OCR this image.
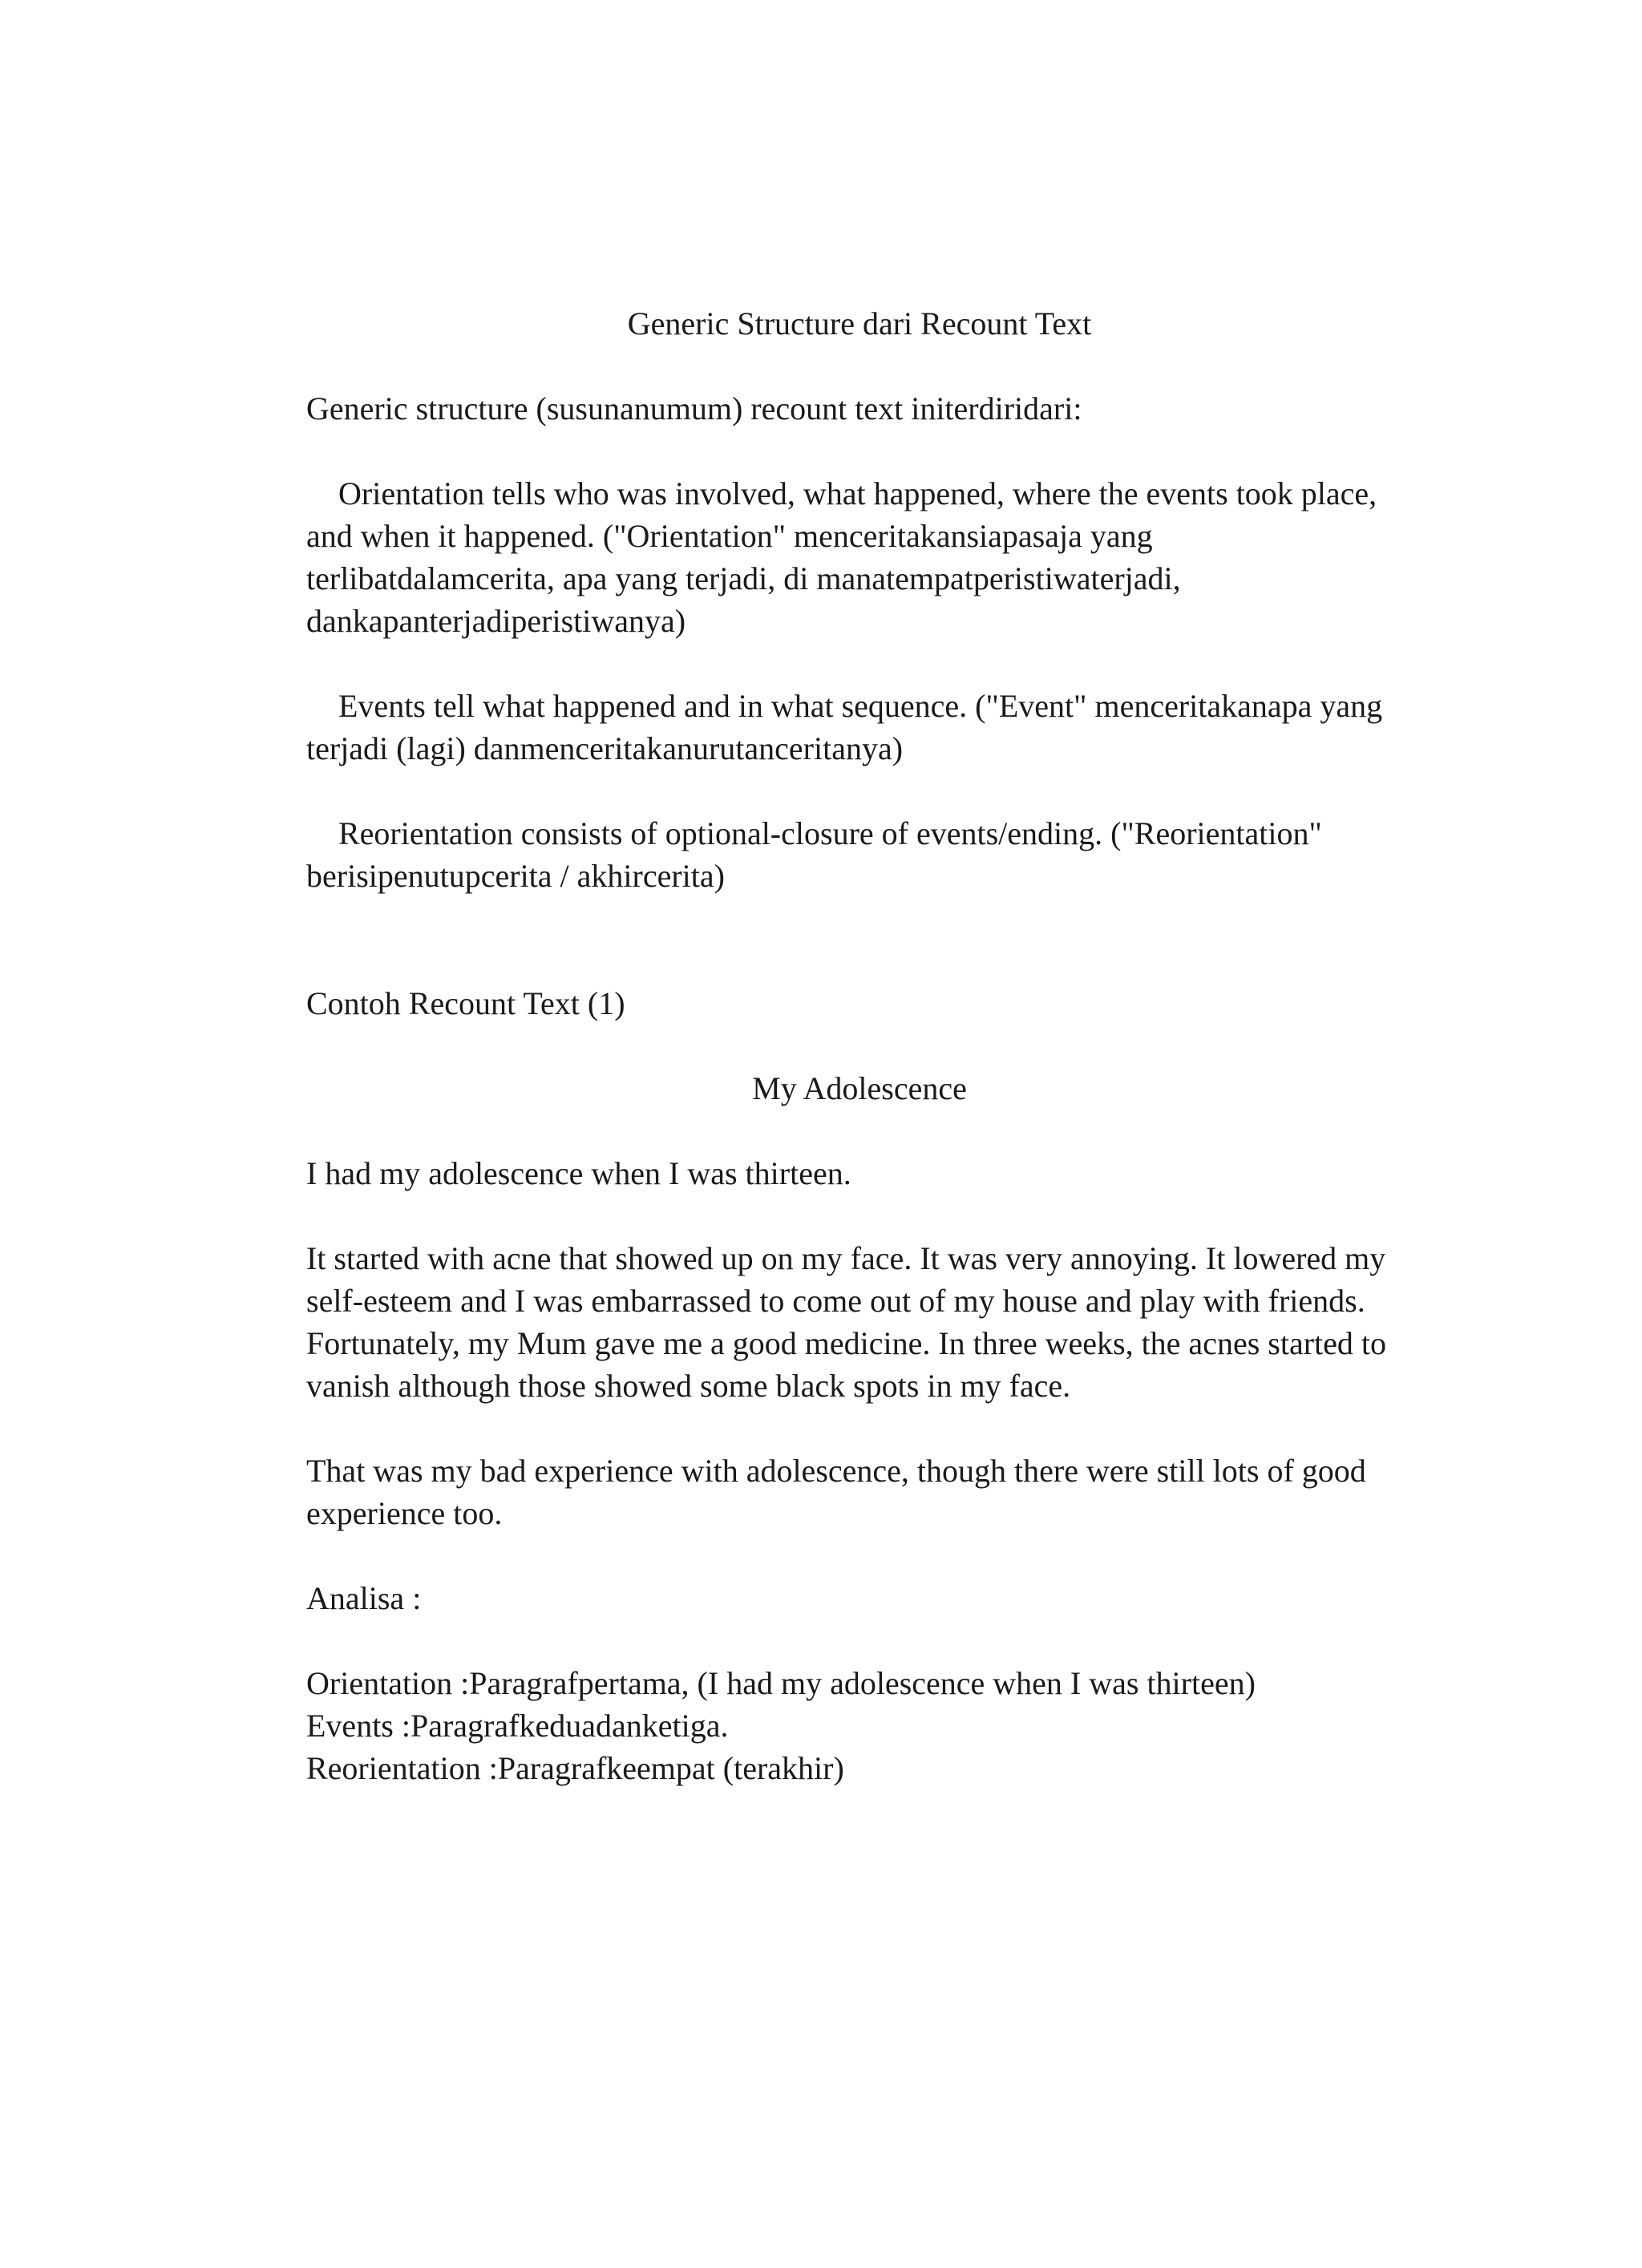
Generic Structure dari Recount Text
Generic structure (susunanumum) recount text initerdiridari:
Orientation tells who was involved, what happened, where the events took place,
and when it happened. ("Orientation" menceritakansiapasaja yang
terlibatdalamcerita, apa yang terjadi, di manatempatperistiwaterjadi,
dankapanterjadiperistiwanya)
Events tell what happened and in what sequence. ("Event" menceritakanapa yang
terjadi (lagi) danmenceritakanurutanceritanya)
Reorientation consists of optional-closure of events/ending. ("Reorientation"
berisipenutupcerita / akhircerita)
Contoh Recount Text (1)
My Adolescence
I had my adolescence when I was thirteen.
It started with acne that showed up on my face. It was very annoying. It lowered my
self-esteem and I was embarrassed to come out of my house and play with friends.
Fortunately, my Mum gave me a good medicine. In three weeks, the acnes started to
vanish although those showed some black spots in my face.
That was my bad experience with adolescence, though there were still lots of good
experience too.
Analisa :
Orientation :Paragrafpertama, (I had my adolescence when I was thirteen)
Events :Paragrafkeduadanketiga.
Reorientation :Paragrafkeempat (terakhir)
